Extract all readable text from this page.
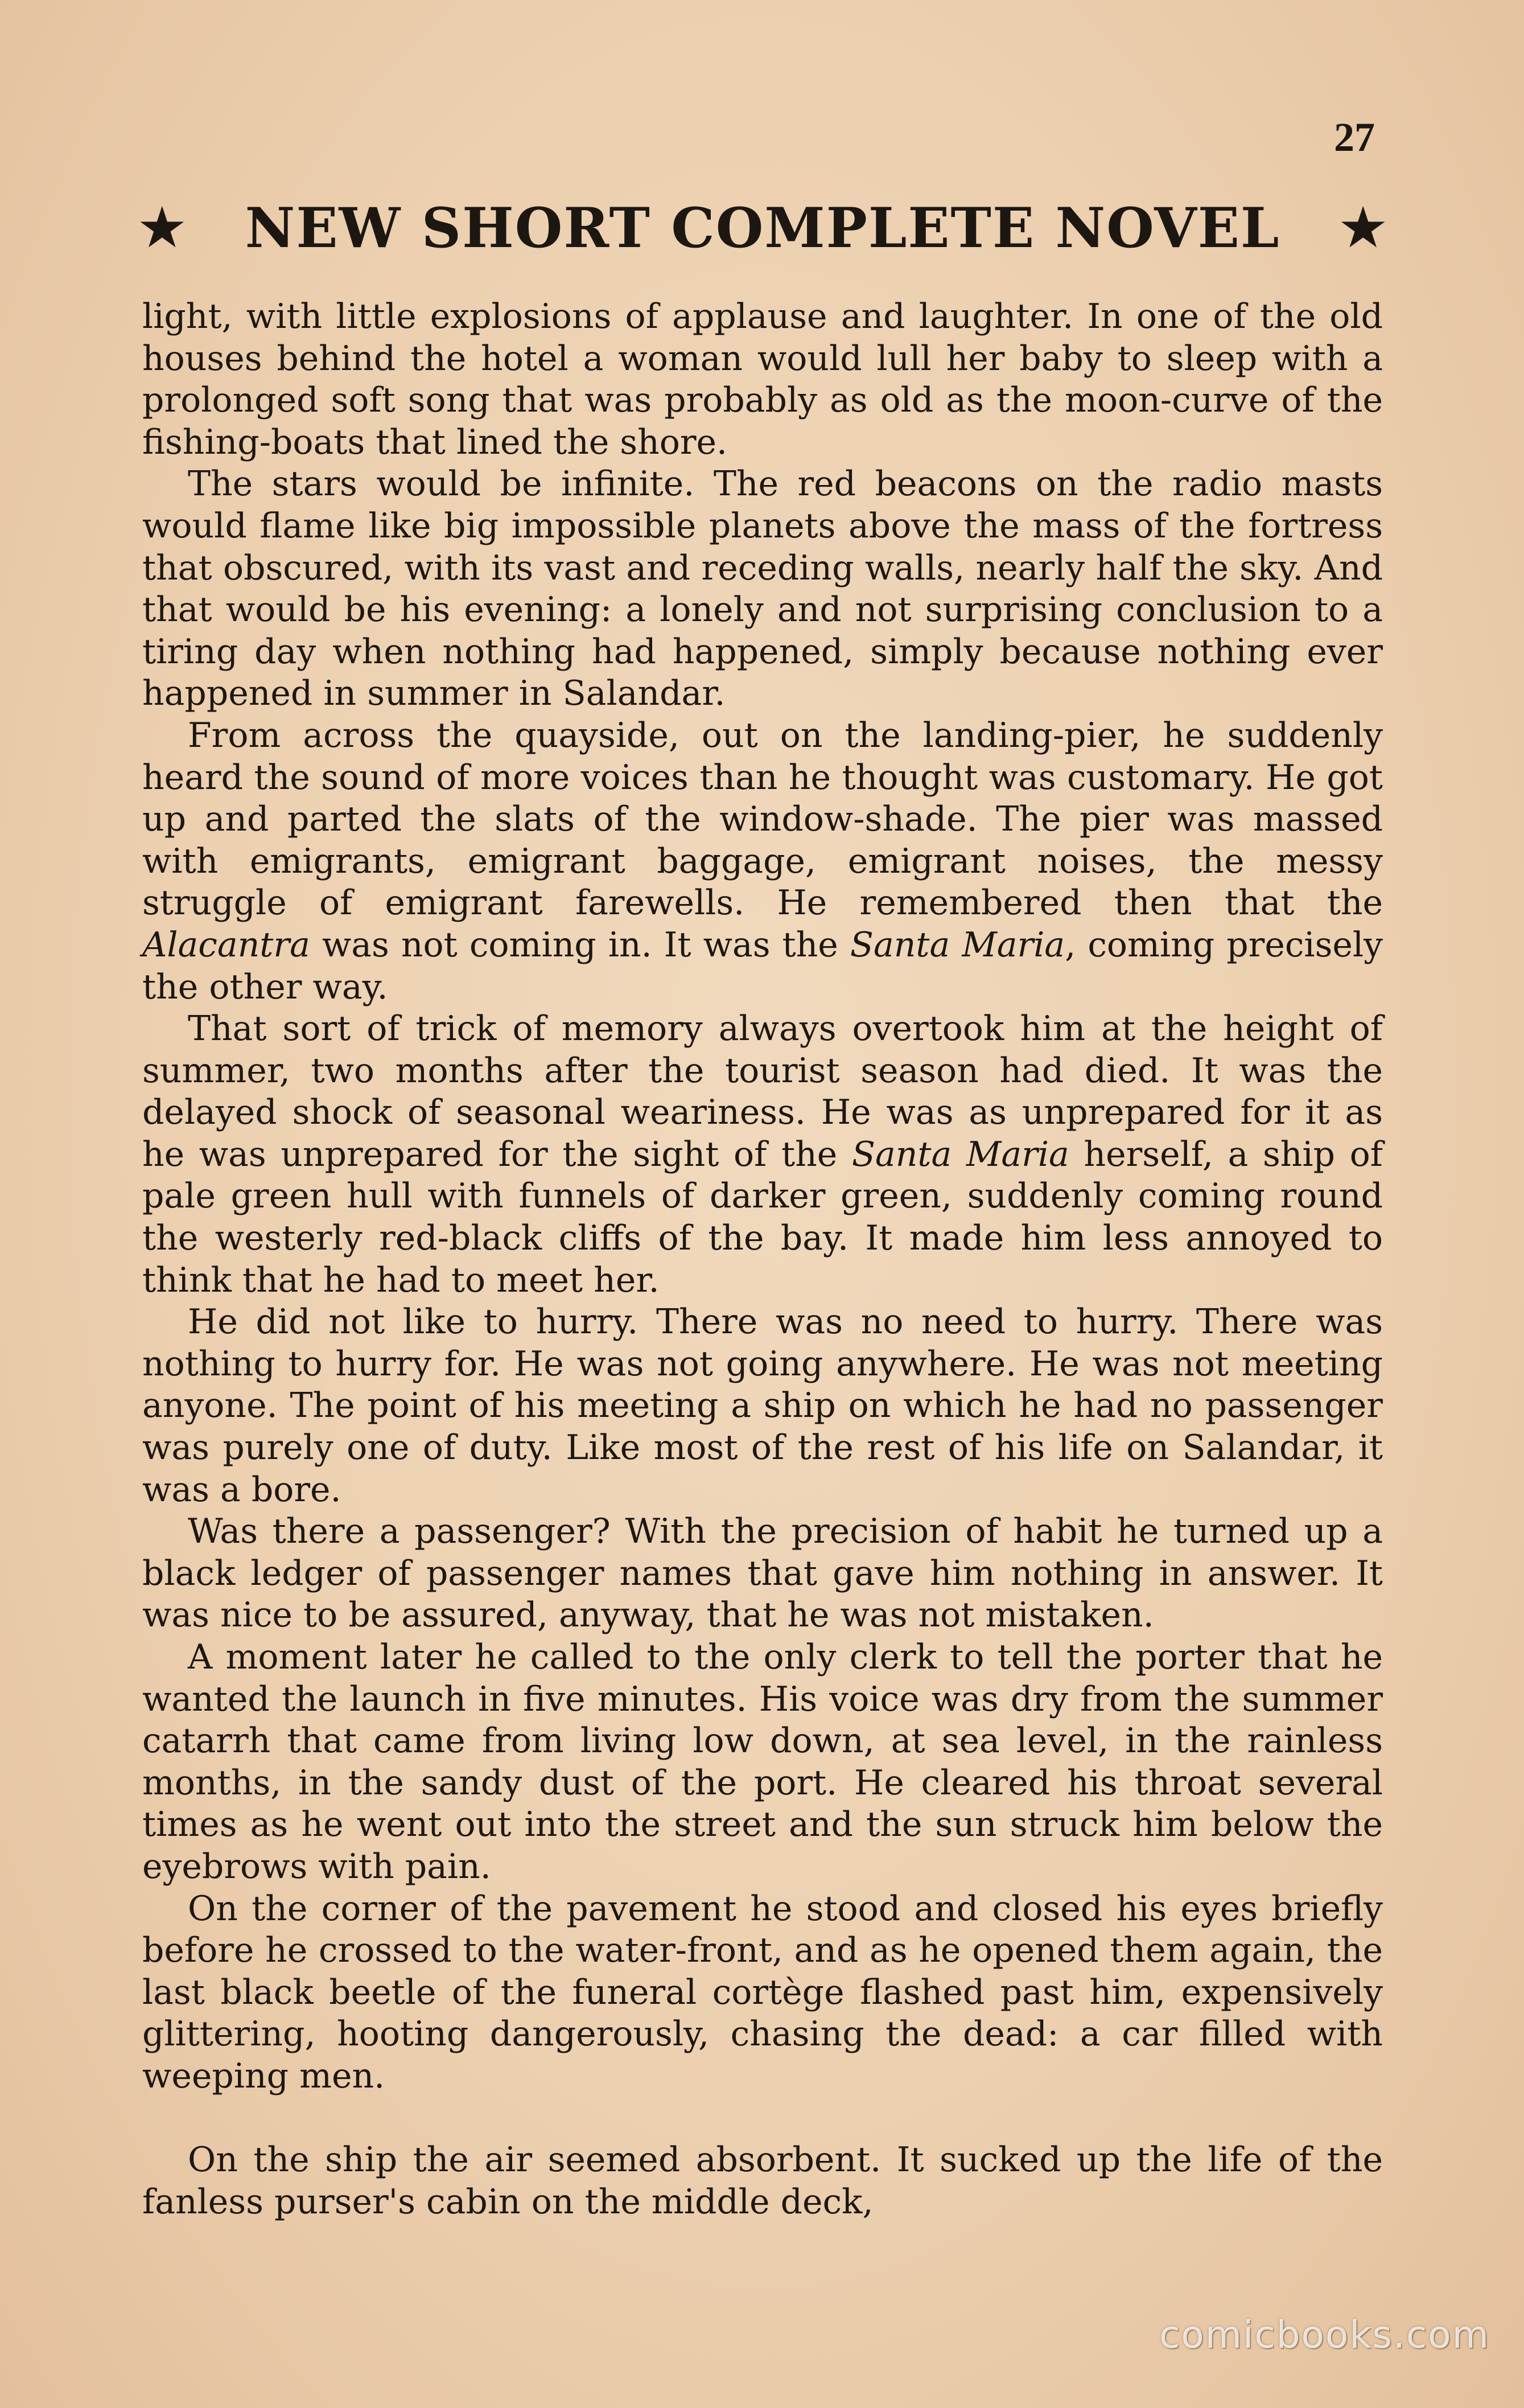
27
★ NEW SHORT COMPLETE NOVEL ★

light, with little explosions of applause and laughter. In one of the old houses behind the hotel a woman would lull her baby to sleep with a prolonged soft song that was probably as old as the moon-curve of the fishing-boats that lined the shore.

The stars would be infinite. The red beacons on the radio masts would flame like big impossible planets above the mass of the fortress that obscured, with its vast and receding walls, nearly half the sky. And that would be his evening: a lonely and not surprising conclusion to a tiring day when nothing had happened, simply because nothing ever happened in summer in Salandar.

From across the quayside, out on the landing-pier, he suddenly heard the sound of more voices than he thought was customary. He got up and parted the slats of the window-shade. The pier was massed with emigrants, emigrant baggage, emigrant noises, the messy struggle of emigrant farewells. He remembered then that the Alacantra was not coming in. It was the Santa Maria, coming precisely the other way.

That sort of trick of memory always overtook him at the height of summer, two months after the tourist season had died. It was the delayed shock of seasonal weariness. He was as unprepared for it as he was unprepared for the sight of the Santa Maria herself, a ship of pale green hull with funnels of darker green, suddenly coming round the westerly red-black cliffs of the bay. It made him less annoyed to think that he had to meet her.

He did not like to hurry. There was no need to hurry. There was nothing to hurry for. He was not going anywhere. He was not meeting anyone. The point of his meeting a ship on which he had no passenger was purely one of duty. Like most of the rest of his life on Salandar, it was a bore.

Was there a passenger? With the precision of habit he turned up a black ledger of passenger names that gave him nothing in answer. It was nice to be assured, anyway, that he was not mistaken.

A moment later he called to the only clerk to tell the porter that he wanted the launch in five minutes. His voice was dry from the summer catarrh that came from living low down, at sea level, in the rainless months, in the sandy dust of the port. He cleared his throat several times as he went out into the street and the sun struck him below the eyebrows with pain.

On the corner of the pavement he stood and closed his eyes briefly before he crossed to the water-front, and as he opened them again, the last black beetle of the funeral cortège flashed past him, expensively glittering, hooting dangerously, chasing the dead: a car filled with weeping men.

On the ship the air seemed absorbent. It sucked up the life of the fanless purser's cabin on the middle deck,

comicbooks.com
